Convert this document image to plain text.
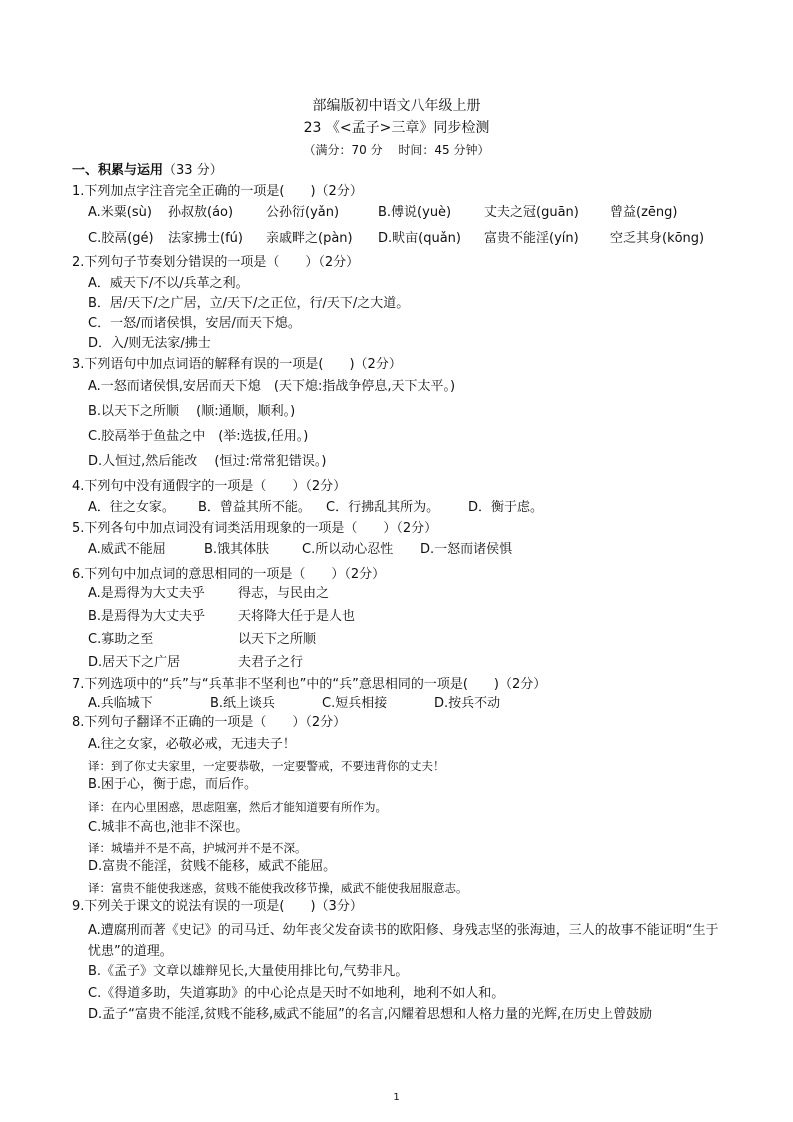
部编版初中语文八年级上册
23 《<孟子>三章》同步检测
（满分：70 分　 时间：45 分钟）
一、积累与运用（33 分）
1.下列加点字注音完全正确的一项是(　　)（2分）
A.米粟(sù) 孙叔敖(áo)	公孙衍(yǎn)	B.傅说(yuè)	丈夫之冠(guān) 曾益(zēng)
C.胶鬲(gé) 法家拂士(fú) 亲戚畔之(pàn) D.畎亩(quǎn) 富贵不能淫(yín) 空乏其身(kōng)
2.下列句子节奏划分错误的一项是（　　）（2分）
A．威天下/不以/兵革之利。
B．居/天下/之广居，立/天下/之正位，行/天下/之大道。
C．一怒/而诸侯惧，安居/而天下熄。
D．入/则无法家/拂士
3.下列语句中加点词语的解释有误的一项是(　　)（2分）
A.一怒而诸侯惧,安居而天下熄　(天下熄:指战争停息,天下太平。)
B.以天下之所顺　 (顺:通顺，顺利。)
C.胶鬲举于鱼盐之中　(举:选拔,任用。)
D.人恒过,然后能改　 (恒过:常常犯错误。)
4.下列句中没有通假字的一项是（　　）（2分）
A．往之女家。 B．曾益其所不能。 C．行拂乱其所为。 D．衡于虑。
5.下列各句中加点词没有词类活用现象的一项是（　　）（2分）
A.威武不能屈	B.饿其体肤	C.所以动心忍性 D.一怒而诸侯惧
6.下列句中加点词的意思相同的一项是（　　）（2分）
A.是焉得为大丈夫乎	得志，与民由之
B.是焉得为大丈夫乎	天将降大任于是人也
C.寡助之至	以天下之所顺
D.居天下之广居	夫君子之行
7.下列选项中的“兵”与“兵革非不坚利也”中的“兵”意思相同的一项是(　　)（2分）
A.兵临城下	B.纸上谈兵	C.短兵相接	D.按兵不动
8.下列句子翻译不正确的一项是（　　）（2分）
A.往之女家，必敬必戒，无违夫子！
译：到了你丈夫家里，一定要恭敬，一定要警戒，不要违背你的丈夫！
B.困于心，衡于虑，而后作。
译：在内心里困惑，思虑阻塞，然后才能知道要有所作为。
C.城非不高也,池非不深也。
译：城墙并不是不高，护城河并不是不深。
D.富贵不能淫，贫贱不能移，威武不能屈。
译：富贵不能使我迷惑，贫贱不能使我改移节操，威武不能使我屈服意志。
9.下列关于课文的说法有误的一项是(　　)（3分）
A.遭腐刑而著《史记》的司马迁、幼年丧父发奋读书的欧阳修、身残志坚的张海迪，三人的故事不能证明“生于忧患”的道理。
B.《孟子》文章以雄辩见长,大量使用排比句,气势非凡。
C.《得道多助，失道寡助》的中心论点是天时不如地利，地利不如人和。
D.孟子“富贵不能淫,贫贱不能移,威武不能屈”的名言,闪耀着思想和人格力量的光辉,在历史上曾鼓励
1
